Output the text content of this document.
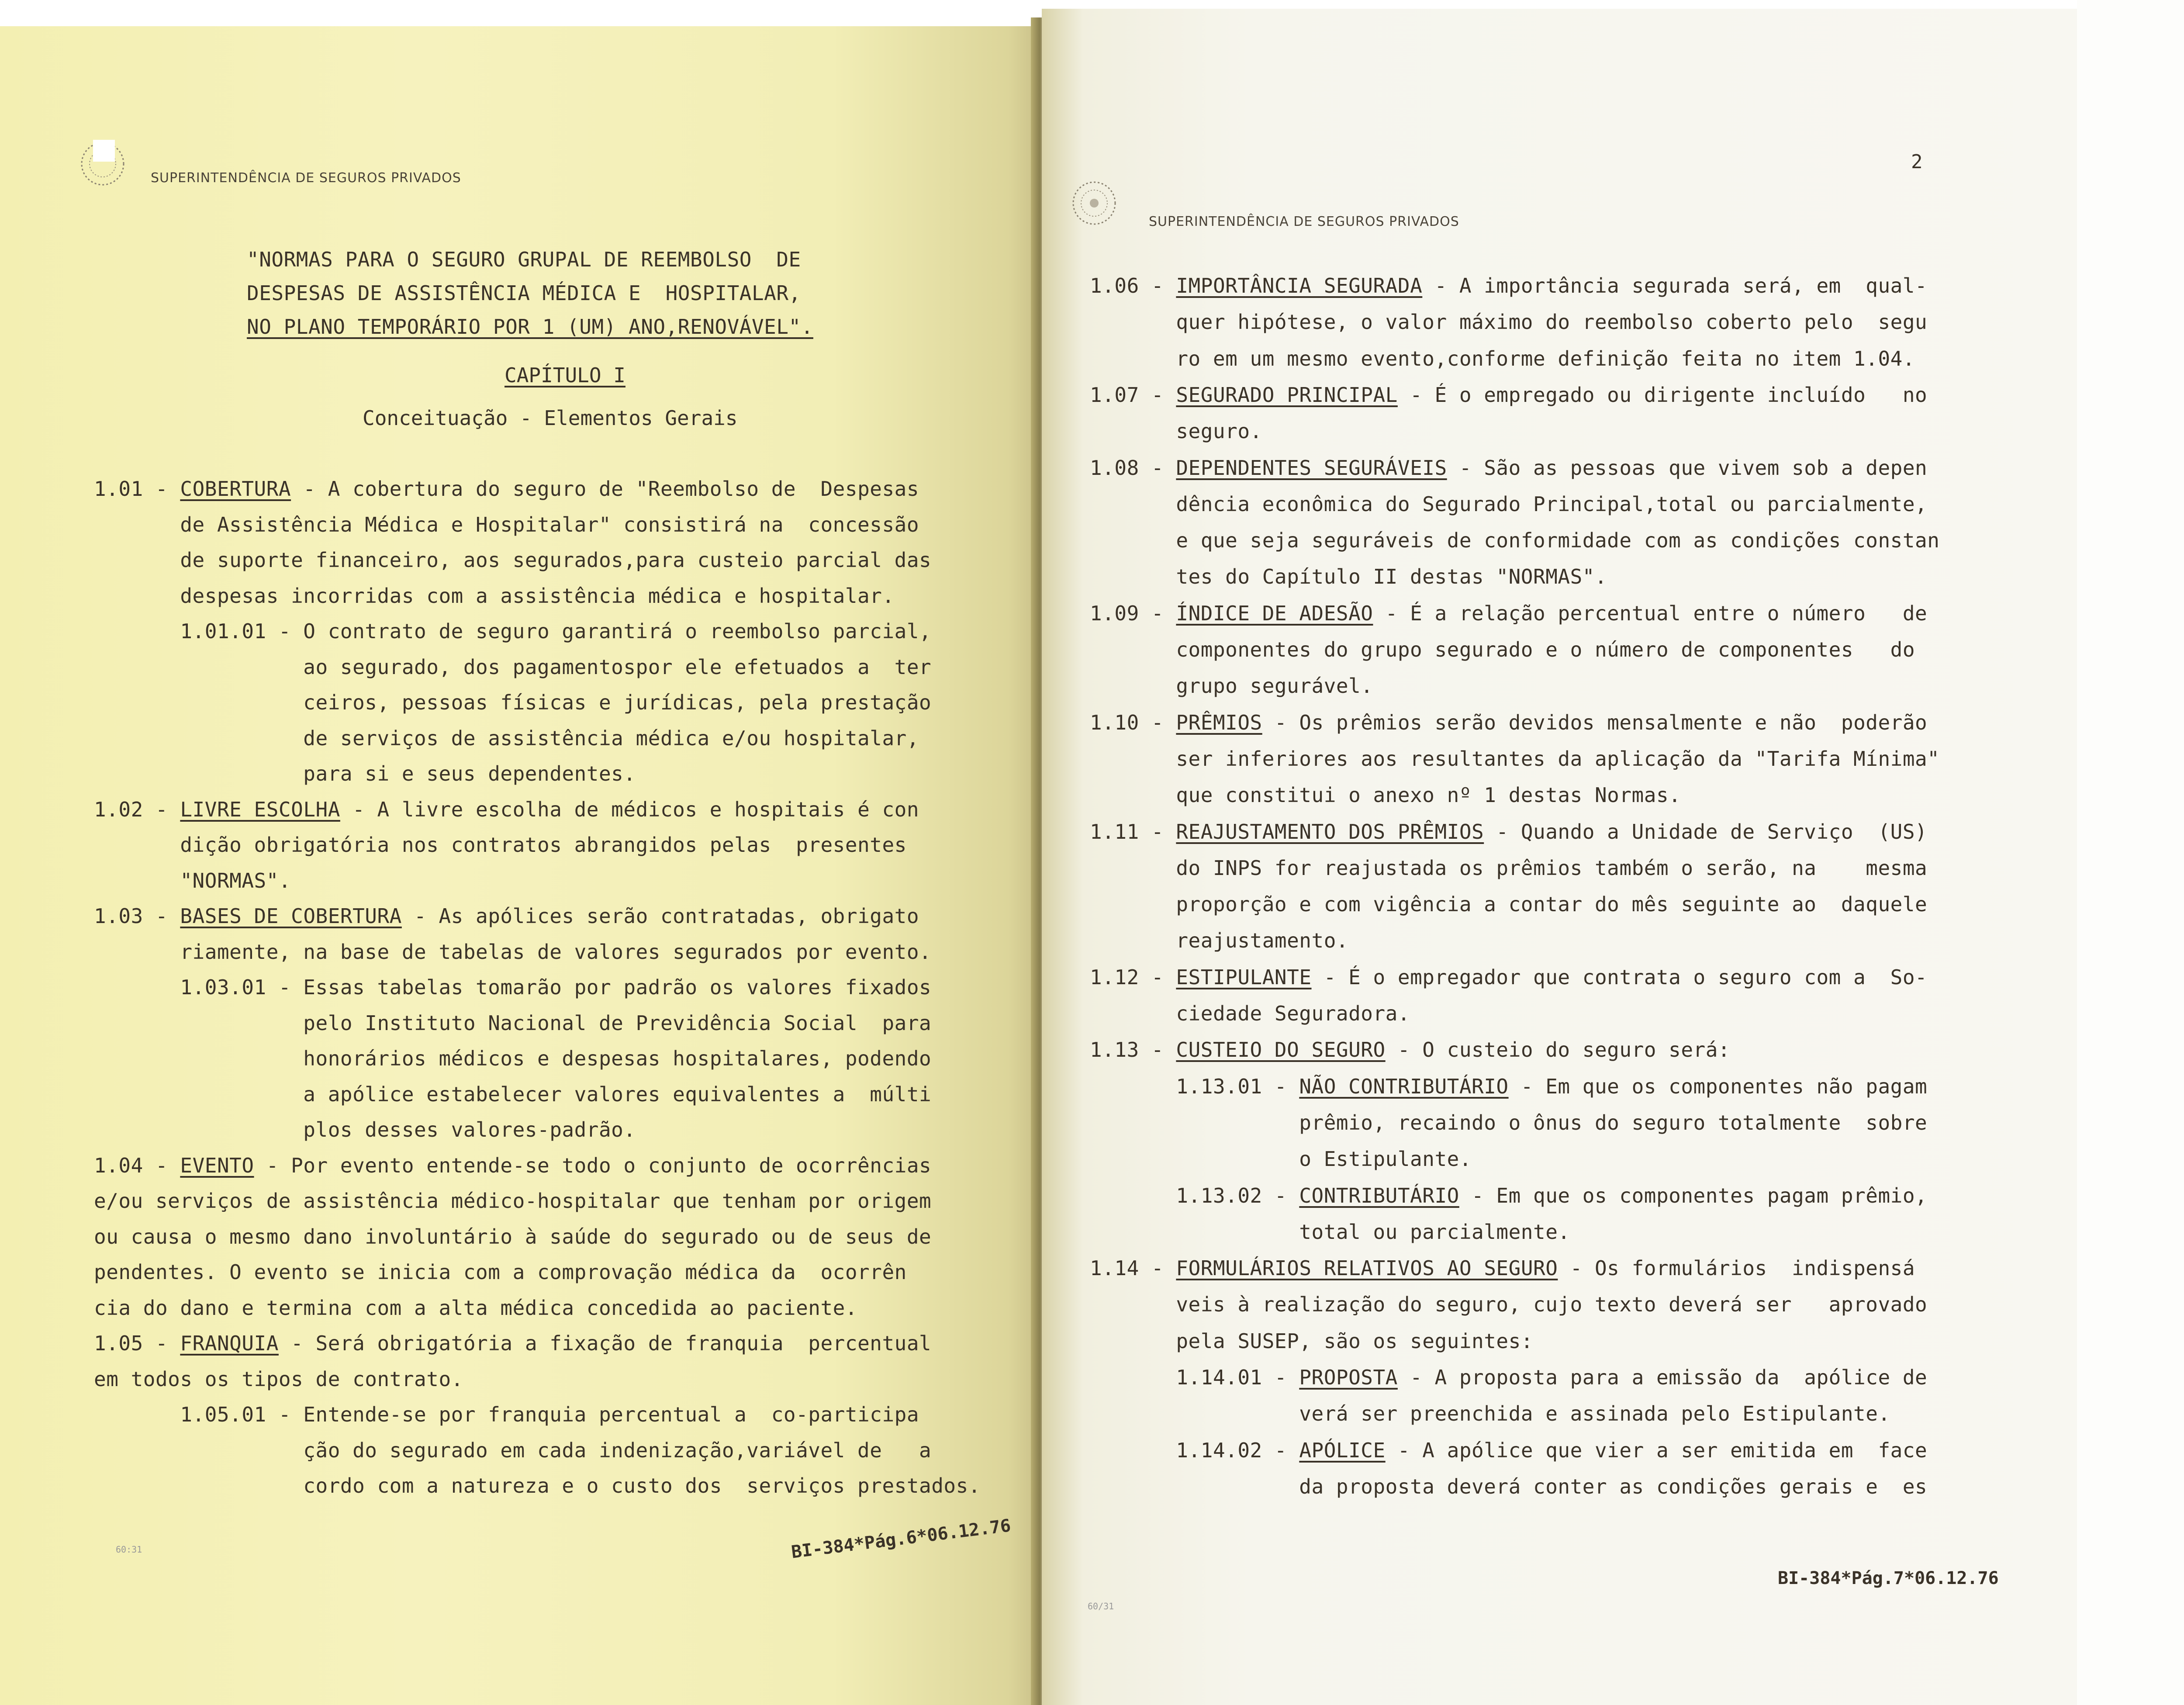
SUPERINTENDÊNCIA DE SEGUROS PRIVADOS
"NORMAS PARA O SEGURO GRUPAL DE REEMBOLSO  DE
DESPESAS DE ASSISTÊNCIA MÉDICA E  HOSPITALAR,
NO PLANO TEMPORÁRIO POR 1 (UM) ANO,RENOVÁVEL".
CAPÍTULO I
Conceituação - Elementos Gerais
1.01 - COBERTURA - A cobertura do seguro de "Reembolso de  Despesas
de Assistência Médica e Hospitalar" consistirá na  concessão
de suporte financeiro, aos segurados,para custeio parcial das
despesas incorridas com a assistência médica e hospitalar.
1.01.01 - O contrato de seguro garantirá o reembolso parcial,
ao segurado, dos pagamentospor ele efetuados a  ter
ceiros, pessoas físicas e jurídicas, pela prestação
de serviços de assistência médica e/ou hospitalar,
para si e seus dependentes.
1.02 - LIVRE ESCOLHA - A livre escolha de médicos e hospitais é con
dição obrigatória nos contratos abrangidos pelas  presentes
"NORMAS".
1.03 - BASES DE COBERTURA - As apólices serão contratadas, obrigato
riamente, na base de tabelas de valores segurados por evento.
1.03.01 - Essas tabelas tomarão por padrão os valores fixados
pelo Instituto Nacional de Previdência Social  para
honorários médicos e despesas hospitalares, podendo
a apólice estabelecer valores equivalentes a  múlti
plos desses valores-padrão.
1.04 - EVENTO - Por evento entende-se todo o conjunto de ocorrências
e/ou serviços de assistência médico-hospitalar que tenham por origem
ou causa o mesmo dano involuntário à saúde do segurado ou de seus de
pendentes. O evento se inicia com a comprovação médica da  ocorrên
cia do dano e termina com a alta médica concedida ao paciente.
1.05 - FRANQUIA - Será obrigatória a fixação de franquia  percentual
em todos os tipos de contrato.
1.05.01 - Entende-se por franquia percentual a  co-participa
ção do segurado em cada indenização,variável de   a
cordo com a natureza e o custo dos  serviços prestados.
BI-384*Pág.6*06.12.76
60:31
2
SUPERINTENDÊNCIA DE SEGUROS PRIVADOS
1.06 - IMPORTÂNCIA SEGURADA - A importância segurada será, em  qual-
quer hipótese, o valor máximo do reembolso coberto pelo  segu
ro em um mesmo evento,conforme definição feita no item 1.04.
1.07 - SEGURADO PRINCIPAL - É o empregado ou dirigente incluído   no
seguro.
1.08 - DEPENDENTES SEGURÁVEIS - São as pessoas que vivem sob a depen
dência econômica do Segurado Principal,total ou parcialmente,
e que seja seguráveis de conformidade com as condições constan
tes do Capítulo II destas "NORMAS".
1.09 - ÍNDICE DE ADESÃO - É a relação percentual entre o número   de
componentes do grupo segurado e o número de componentes   do
grupo segurável.
1.10 - PRÊMIOS - Os prêmios serão devidos mensalmente e não  poderão
ser inferiores aos resultantes da aplicação da "Tarifa Mínima"
que constitui o anexo nº 1 destas Normas.
1.11 - REAJUSTAMENTO DOS PRÊMIOS - Quando a Unidade de Serviço  (US)
do INPS for reajustada os prêmios também o serão, na    mesma
proporção e com vigência a contar do mês seguinte ao  daquele
reajustamento.
1.12 - ESTIPULANTE - É o empregador que contrata o seguro com a  So-
ciedade Seguradora.
1.13 - CUSTEIO DO SEGURO - O custeio do seguro será:
1.13.01 - NÃO CONTRIBUTÁRIO - Em que os componentes não pagam
prêmio, recaindo o ônus do seguro totalmente  sobre
o Estipulante.
1.13.02 - CONTRIBUTÁRIO - Em que os componentes pagam prêmio,
total ou parcialmente.
1.14 - FORMULÁRIOS RELATIVOS AO SEGURO - Os formulários  indispensá
veis à realização do seguro, cujo texto deverá ser   aprovado
pela SUSEP, são os seguintes:
1.14.01 - PROPOSTA - A proposta para a emissão da  apólice de
verá ser preenchida e assinada pelo Estipulante.
1.14.02 - APÓLICE - A apólice que vier a ser emitida em  face
da proposta deverá conter as condições gerais e  es
BI-384*Pág.7*06.12.76
60/31
